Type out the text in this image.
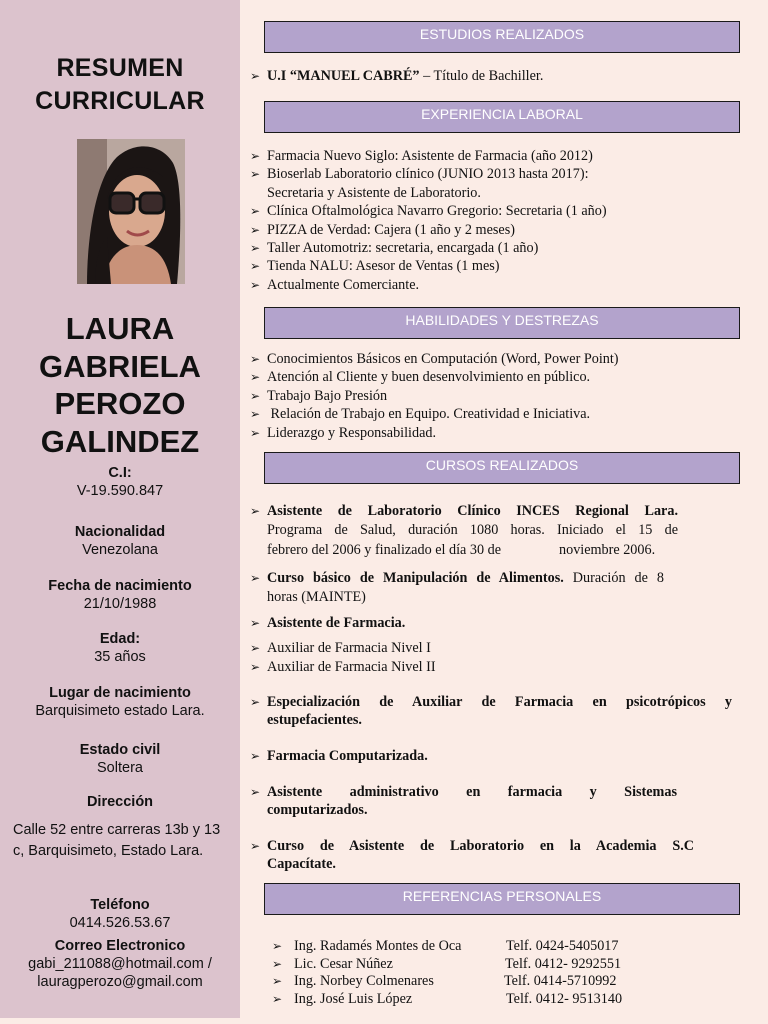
RESUMEN
CURRICULAR
LAURA
GABRIELA
PEROZO
GALINDEZ
C.I:
V-19.590.847
Nacionalidad
Venezolana
Fecha de nacimiento
21/10/1988
Edad:
35 años
Lugar de nacimiento
Barquisimeto estado Lara.
Estado civil
Soltera
Dirección
Calle 52 entre carreras 13b y 13 c, Barquisimeto, Estado Lara.
Teléfono
0414.526.53.67
Correo Electronico
gabi_211088@hotmail.com /
lauragperozo@gmail.com
ESTUDIOS REALIZADOS
EXPERIENCIA LABORAL
HABILIDADES Y DESTREZAS
CURSOS REALIZADOS
REFERENCIAS PERSONALES
➢ U.I “MANUEL CABRÉ” – Título de Bachiller.
➢ Farmacia Nuevo Siglo: Asistente de Farmacia (año 2012)
➢ Bioserlab Laboratorio clínico (JUNIO 2013 hasta 2017):
Secretaria y Asistente de Laboratorio.
➢ Clínica Oftalmológica Navarro Gregorio: Secretaria (1 año)
➢ PIZZA de Verdad: Cajera (1 año y 2 meses)
➢ Taller Automotriz: secretaria, encargada (1 año)
➢ Tienda NALU: Asesor de Ventas (1 mes)
➢ Actualmente Comerciante.
➢ Conocimientos Básicos en Computación (Word, Power Point)
➢ Atención al Cliente y buen desenvolvimiento en público.
➢ Trabajo Bajo Presión
➢ Relación de Trabajo en Equipo. Creatividad e Iniciativa.
➢ Liderazgo y Responsabilidad.
➢ Asistente de Laboratorio Clínico INCES Regional Lara.
Programa de Salud, duración 1080 horas. Iniciado el 15 de
febrero del 2006 y finalizado el día 30 de	noviembre 2006.
➢ Curso básico de Manipulación de Alimentos. Duración de 8
horas (MAINTE)
➢ Asistente de Farmacia.
➢ Auxiliar de Farmacia Nivel I
➢ Auxiliar de Farmacia Nivel II
➢ Especialización de Auxiliar de Farmacia en psicotrópicos y
estupefacientes.
➢ Farmacia Computarizada.
➢ Asistente administrativo en farmacia y Sistemas
computarizados.
➢ Curso de Asistente de Laboratorio en la Academia S.C
Capacítate.
➢ Ing. Radamés Montes de Oca	Telf. 0424-5405017
➢ Lic. Cesar Núñez	Telf. 0412- 9292551
➢ Ing. Norbey Colmenares	Telf. 0414-5710992
➢ Ing. José Luis López	Telf. 0412- 9513140
